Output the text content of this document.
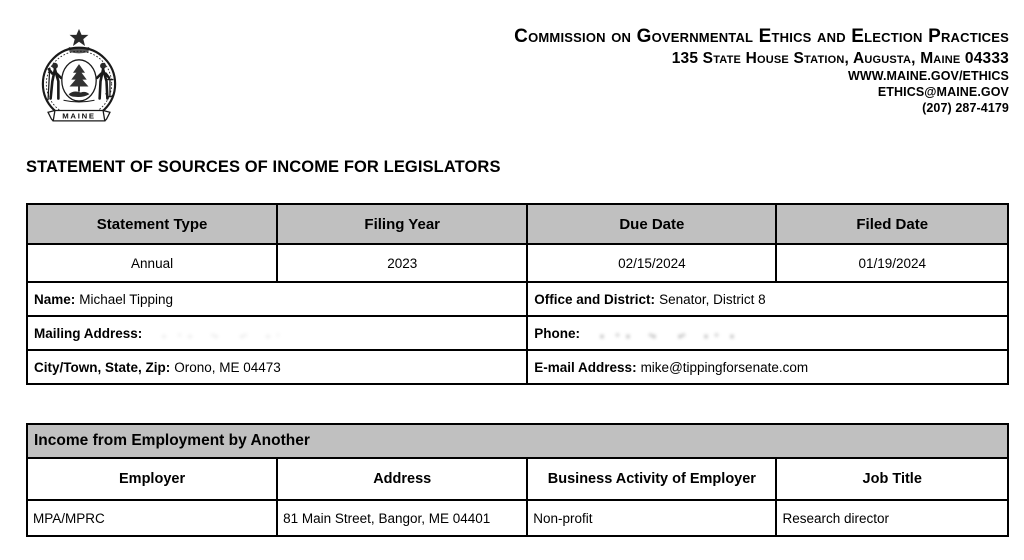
MAINE
Commission on Governmental Ethics and Election Practices
135 State House Station, Augusta, Maine 04333
WWW.MAINE.GOV/ETHICS
ETHICS@MAINE.GOV
(207) 287-4179
STATEMENT OF SOURCES OF INCOME FOR LEGISLATORS
Statement Type	Filing Year	Due Date	Filed Date
Annual	2023	02/15/2024	01/19/2024
Name: Michael Tipping		Office and District: Senator, District 8	
Mailing Address:		Phone:	
City/Town, State, Zip: Orono, ME 04473		E-mail Address: mike@tippingforsenate.com	
Income from Employment by Another			
Employer	Address	Business Activity of Employer	Job Title
MPA/MPRC	81 Main Street, Bangor, ME 04401	Non-profit	Research director
